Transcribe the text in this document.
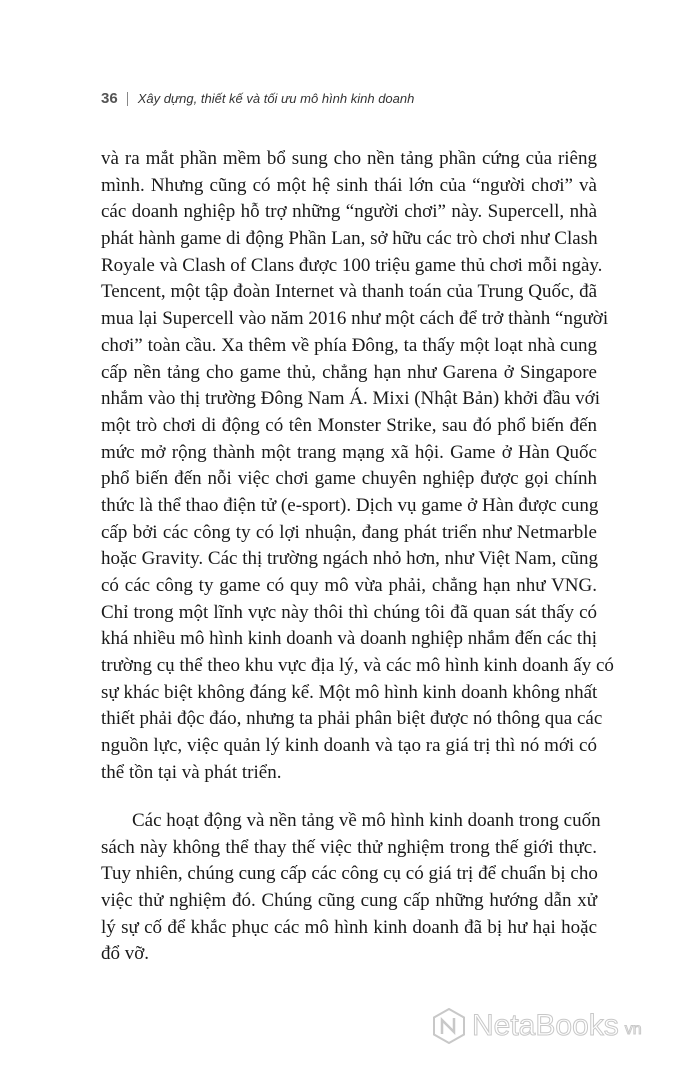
36 Xây dựng, thiết kế và tối ưu mô hình kinh doanh
và ra mắt phần mềm bổ sung cho nền tảng phần cứng của riêng
mình. Nhưng cũng có một hệ sinh thái lớn của “người chơi” và
các doanh nghiệp hỗ trợ những “người chơi” này. Supercell, nhà
phát hành game di động Phần Lan, sở hữu các trò chơi như Clash
Royale và Clash of Clans được 100 triệu game thủ chơi mỗi ngày.
Tencent, một tập đoàn Internet và thanh toán của Trung Quốc, đã
mua lại Supercell vào năm 2016 như một cách để trở thành “người
chơi” toàn cầu. Xa thêm về phía Đông, ta thấy một loạt nhà cung
cấp nền tảng cho game thủ, chẳng hạn như Garena ở Singapore
nhắm vào thị trường Đông Nam Á. Mixi (Nhật Bản) khởi đầu với
một trò chơi di động có tên Monster Strike, sau đó phổ biến đến
mức mở rộng thành một trang mạng xã hội. Game ở Hàn Quốc
phổ biến đến nỗi việc chơi game chuyên nghiệp được gọi chính
thức là thể thao điện tử (e-sport). Dịch vụ game ở Hàn được cung
cấp bởi các công ty có lợi nhuận, đang phát triển như Netmarble
hoặc Gravity. Các thị trường ngách nhỏ hơn, như Việt Nam, cũng
có các công ty game có quy mô vừa phải, chẳng hạn như VNG.
Chỉ trong một lĩnh vực này thôi thì chúng tôi đã quan sát thấy có
khá nhiều mô hình kinh doanh và doanh nghiệp nhắm đến các thị
trường cụ thể theo khu vực địa lý, và các mô hình kinh doanh ấy có
sự khác biệt không đáng kể. Một mô hình kinh doanh không nhất
thiết phải độc đáo, nhưng ta phải phân biệt được nó thông qua các
nguồn lực, việc quản lý kinh doanh và tạo ra giá trị thì nó mới có
thể tồn tại và phát triển.
Các hoạt động và nền tảng về mô hình kinh doanh trong cuốn
sách này không thể thay thế việc thử nghiệm trong thế giới thực.
Tuy nhiên, chúng cung cấp các công cụ có giá trị để chuẩn bị cho
việc thử nghiệm đó. Chúng cũng cung cấp những hướng dẫn xử
lý sự cố để khắc phục các mô hình kinh doanh đã bị hư hại hoặc
đổ vỡ.
NetaBooks vn
